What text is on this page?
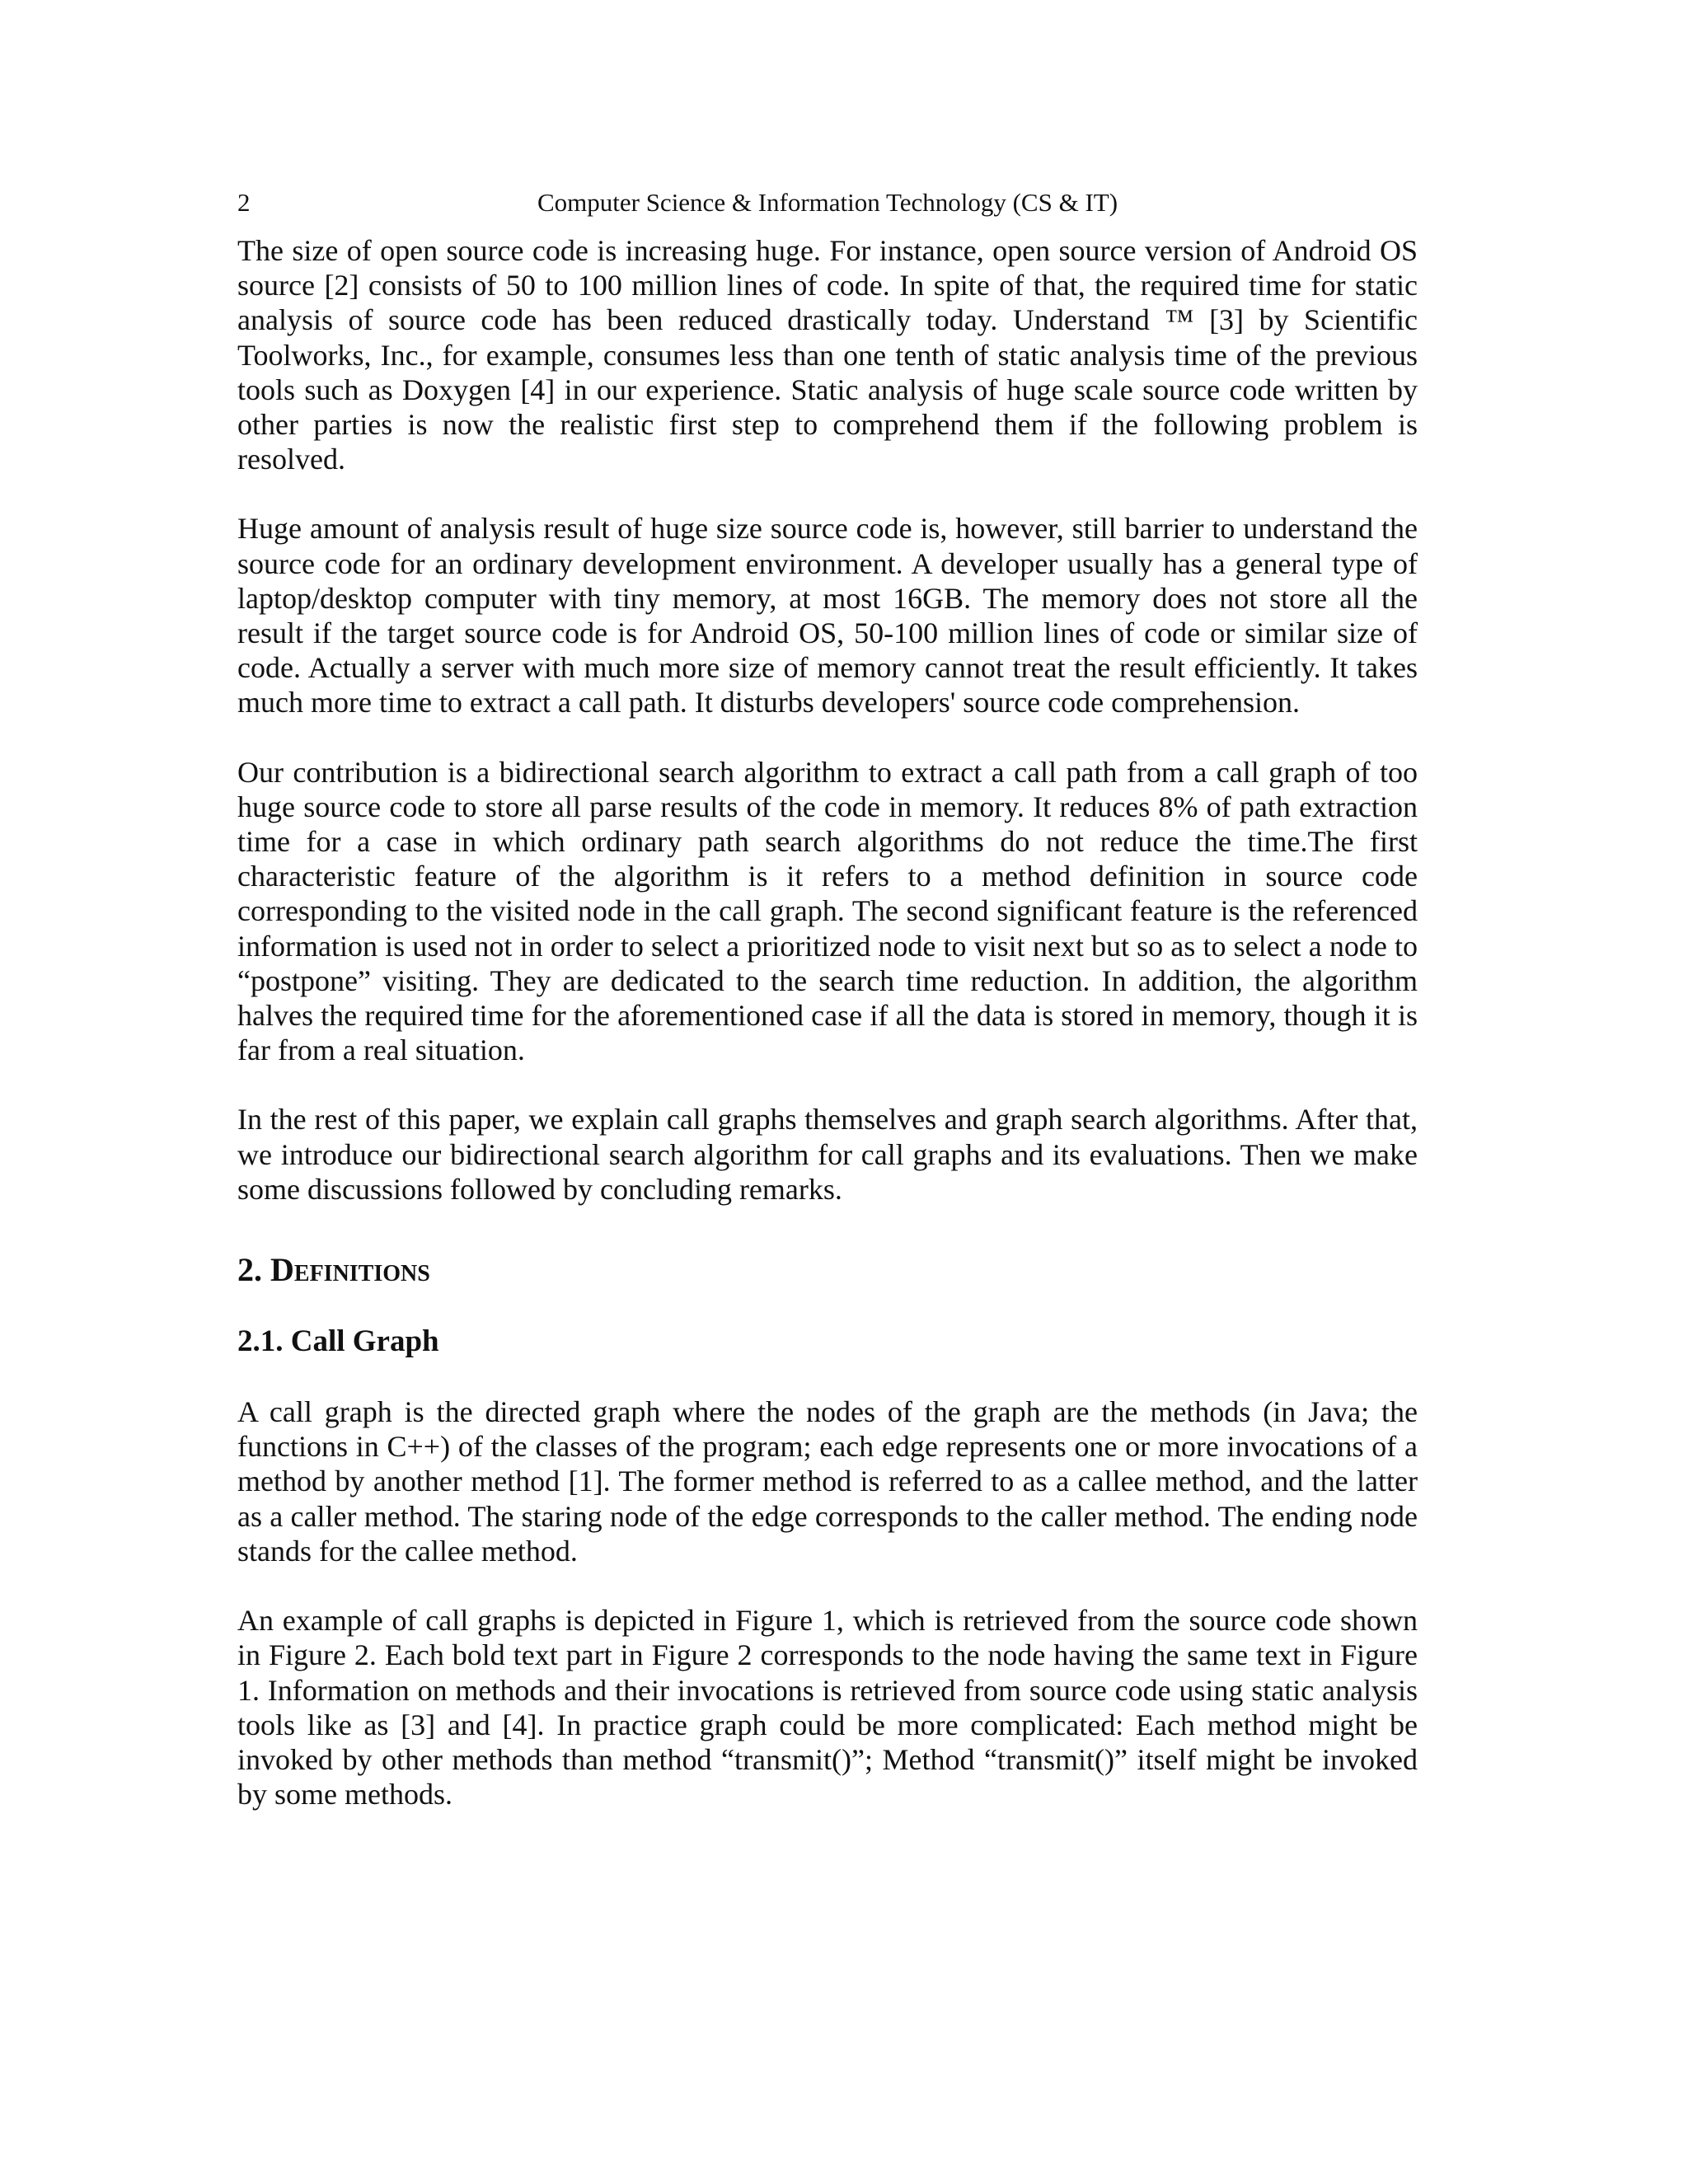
2	Computer Science & Information Technology (CS & IT)

The size of open source code is increasing huge. For instance, open source version of Android OS source [2] consists of 50 to 100 million lines of code. In spite of that, the required time for static analysis of source code has been reduced drastically today. Understand ™ [3] by Scientific Toolworks, Inc., for example, consumes less than one tenth of static analysis time of the previous tools such as Doxygen [4] in our experience. Static analysis of huge scale source code written by other parties is now the realistic first step to comprehend them if the following problem is resolved.

Huge amount of analysis result of huge size source code is, however, still barrier to understand the source code for an ordinary development environment. A developer usually has a general type of laptop/desktop computer with tiny memory, at most 16GB. The memory does not store all the result if the target source code is for Android OS, 50-100 million lines of code or similar size of code. Actually a server with much more size of memory cannot treat the result efficiently. It takes much more time to extract a call path. It disturbs developers' source code comprehension.

Our contribution is a bidirectional search algorithm to extract a call path from a call graph of too huge source code to store all parse results of the code in memory. It reduces 8% of path extraction time for a case in which ordinary path search algorithms do not reduce the time.The first characteristic feature of the algorithm is it refers to a method definition in source code corresponding to the visited node in the call graph. The second significant feature is the referenced information is used not in order to select a prioritized node to visit next but so as to select a node to “postpone” visiting. They are dedicated to the search time reduction. In addition, the algorithm halves the required time for the aforementioned case if all the data is stored in memory, though it is far from a real situation.

In the rest of this paper, we explain call graphs themselves and graph search algorithms. After that, we introduce our bidirectional search algorithm for call graphs and its evaluations. Then we make some discussions followed by concluding remarks.

2. Definitions
2.1. Call Graph

A call graph is the directed graph where the nodes of the graph are the methods (in Java; the functions in C++) of the classes of the program; each edge represents one or more invocations of a method by another method [1]. The former method is referred to as a callee method, and the latter as a caller method. The staring node of the edge corresponds to the caller method. The ending node stands for the callee method.

An example of call graphs is depicted in Figure 1, which is retrieved from the source code shown in Figure 2. Each bold text part in Figure 2 corresponds to the node having the same text in Figure 1. Information on methods and their invocations is retrieved from source code using static analysis tools like as [3] and [4]. In practice graph could be more complicated: Each method might be invoked by other methods than method “transmit()”; Method “transmit()” itself might be invoked by some methods.
